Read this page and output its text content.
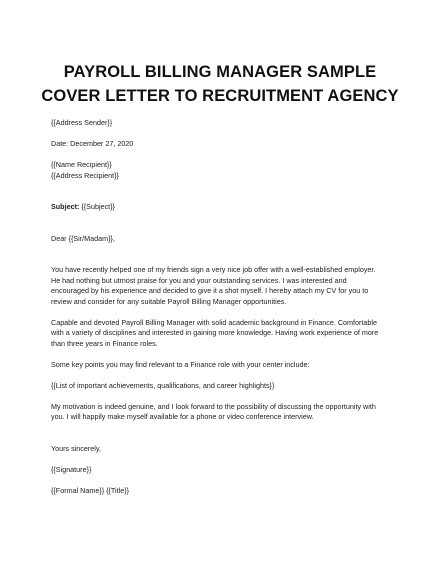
PAYROLL BILLING MANAGER SAMPLE
COVER LETTER TO RECRUITMENT AGENCY

{{Address Sender}}

Date: December 27, 2020

{{Name Recipient}}

{{Address Recipient}}

Subject: {{Subject}}

Dear {{Sir/Madam}},

You have recently helped one of my friends sign a very nice job offer with a well-established employer.
He had nothing but utmost praise for you and your outstanding services. I was interested and
encouraged by his experience and decided to give it a shot myself. I hereby attach my CV for you to
review and consider for any suitable Payroll Billing Manager opportunities.

Capable and devoted Payroll Billing Manager with solid academic background in Finance. Comfortable
with a variety of disciplines and interested in gaining more knowledge. Having work experience of more
than three years in Finance roles.

Some key points you may find relevant to a Finance role with your center include:

{{List of important achievements, qualifications, and career highlights}}

My motivation is indeed genuine, and I look forward to the possibility of discussing the opportunity with
you. I will happily make myself available for a phone or video conference interview.

Yours sincerely,

{{Signature}}

{{Formal Name}} {{Title}}
